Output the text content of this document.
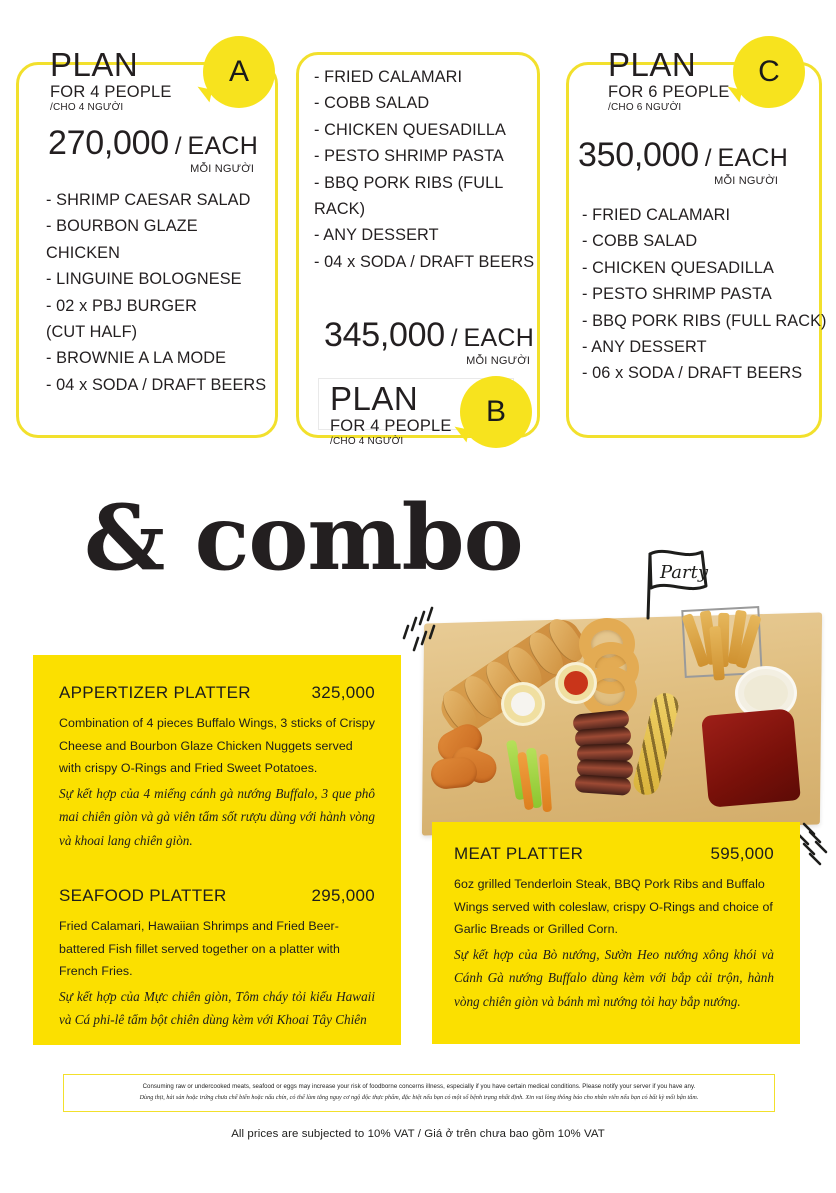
PLAN
FOR 4 PEOPLE
/CHO 4 NGƯỜI
A
270,000 / EACH
MỖI NGƯỜI
- SHRIMP CAESAR SALAD
- BOURBON GLAZE
CHICKEN
- LINGUINE BOLOGNESE
- 02 x PBJ BURGER
(CUT HALF)
- BROWNIE A LA MODE
- 04 x SODA / DRAFT BEERS
- FRIED CALAMARI
- COBB SALAD
- CHICKEN QUESADILLA
- PESTO SHRIMP PASTA
- BBQ PORK RIBS (FULL
RACK)
- ANY DESSERT
- 04 x SODA / DRAFT BEERS
345,000 / EACH
MỖI NGƯỜI
PLAN
FOR 4 PEOPLE
/CHO 4 NGƯỜI
B
PLAN
FOR 6 PEOPLE
/CHO 6 NGƯỜI
C
350,000 / EACH
MỖI NGƯỜI
- FRIED CALAMARI
- COBB SALAD
- CHICKEN QUESADILLA
- PESTO SHRIMP PASTA
- BBQ PORK RIBS (FULL RACK)
- ANY DESSERT
- 06 x SODA / DRAFT BEERS
& combo	Party
APPERTIZER PLATTER	325,000
Combination of 4 pieces Buffalo Wings, 3 sticks of Crispy Cheese and Bourbon Glaze Chicken Nuggets served with crispy O-Rings and Fried Sweet Potatoes.
Sự kết hợp của 4 miếng cánh gà nướng Buffalo, 3 que phô mai chiên giòn và gà viên tẩm sốt rượu dùng với hành vòng và khoai lang chiên giòn.
SEAFOOD PLATTER	295,000
Fried Calamari, Hawaiian Shrimps and Fried Beer-battered Fish fillet served together on a platter with French Fries.
Sự kết hợp của Mực chiên giòn, Tôm cháy tỏi kiểu Hawaii và Cá phi-lê tẩm bột chiên dùng kèm với Khoai Tây Chiên
MEAT PLATTER	595,000
6oz grilled Tenderloin Steak, BBQ Pork Ribs and Buffalo Wings served with coleslaw, crispy O-Rings and choice of Garlic Breads or Grilled Corn.
Sự kết hợp của Bò nướng, Sườn Heo nướng xông khói và Cánh Gà nướng Buffalo dùng kèm với bắp cải trộn, hành vòng chiên giòn và bánh mì nướng tỏi hay bắp nướng.
Consuming raw or undercooked meats, seafood or eggs may increase your risk of foodborne concerns illness, especially if you have certain medical conditions. Please notify your server if you have any.
Dùng thịt, hải sản hoặc trứng chưa chế biến hoặc nấu chín, có thể làm tăng nguy cơ ngộ độc thực phẩm, đặc biệt nếu bạn có một số bệnh trạng nhất định. Xin vui lòng thông báo cho nhân viên nếu bạn có bất kỳ mối bận tâm.
All prices are subjected to 10% VAT / Giá ở trên chưa bao gồm 10% VAT
